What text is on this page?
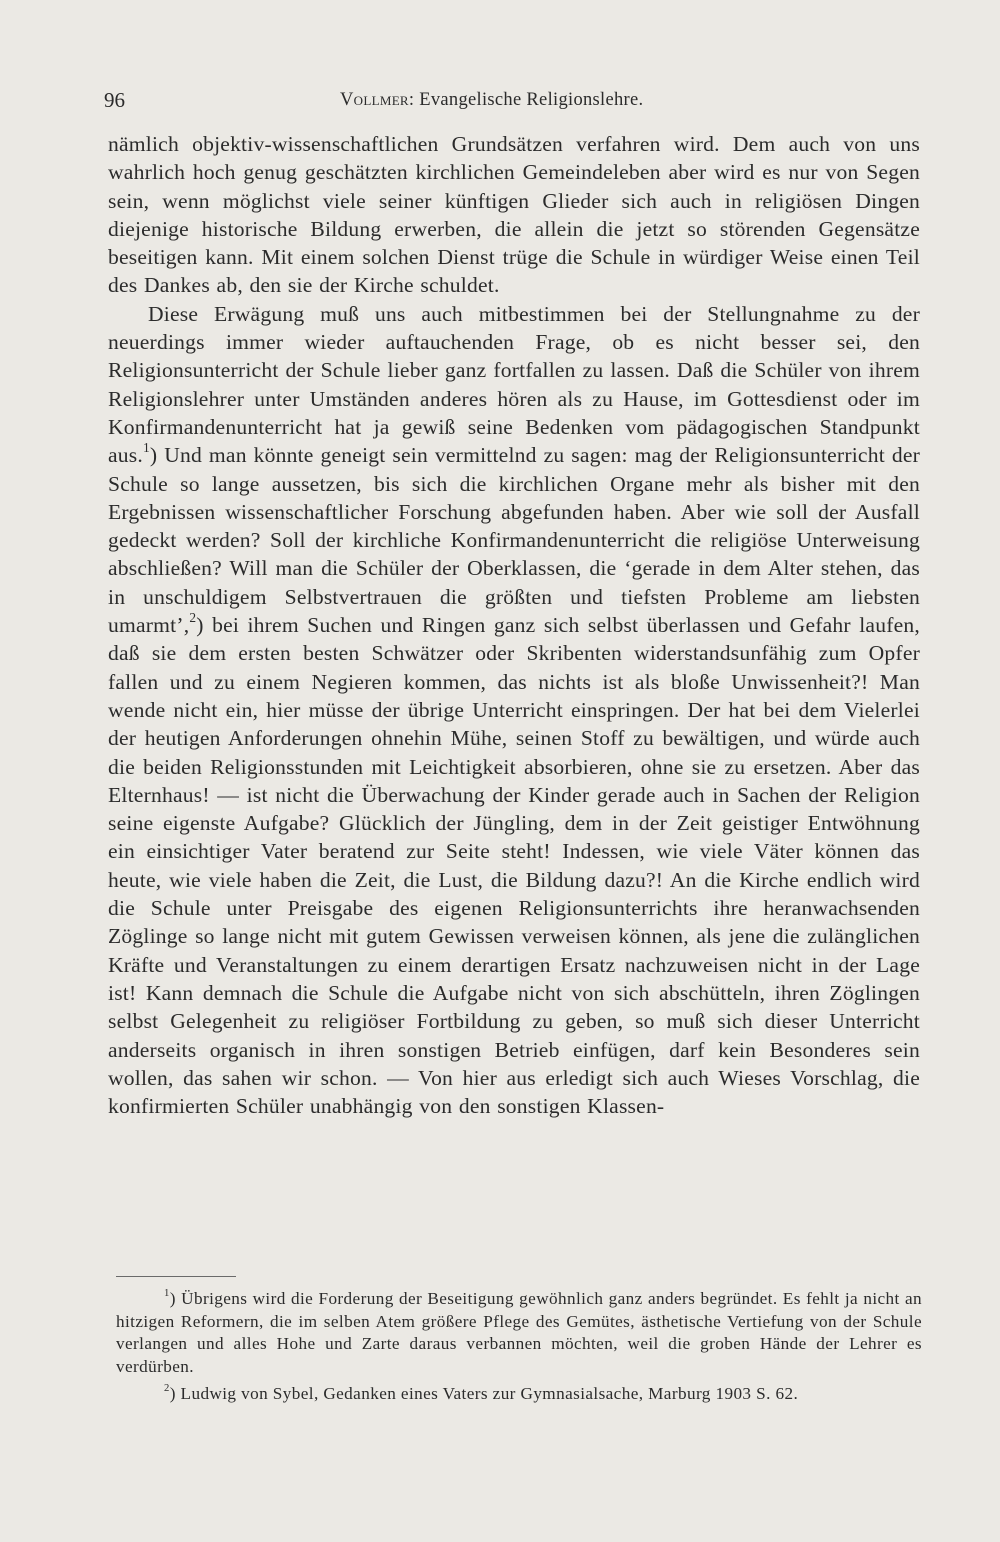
96	Vollmer: Evangelische Religionslehre.

nämlich objektiv-wissenschaftlichen Grundsätzen verfahren wird. Dem auch von uns wahrlich hoch genug geschätzten kirchlichen Gemeindeleben aber wird es nur von Segen sein, wenn möglichst viele seiner künftigen Glieder sich auch in religiösen Dingen diejenige historische Bildung erwerben, die allein die jetzt so störenden Gegensätze beseitigen kann. Mit einem solchen Dienst trüge die Schule in würdiger Weise einen Teil des Dankes ab, den sie der Kirche schuldet.

Diese Erwägung muß uns auch mitbestimmen bei der Stellungnahme zu der neuerdings immer wieder auftauchenden Frage, ob es nicht besser sei, den Religionsunterricht der Schule lieber ganz fortfallen zu lassen. Daß die Schüler von ihrem Religionslehrer unter Umständen anderes hören als zu Hause, im Gottesdienst oder im Konfirmandenunterricht hat ja gewiß seine Bedenken vom pädagogischen Standpunkt aus.$^1$) Und man könnte geneigt sein vermittelnd zu sagen: mag der Religionsunterricht der Schule so lange aussetzen, bis sich die kirchlichen Organe mehr als bisher mit den Ergebnissen wissenschaftlicher Forschung abgefunden haben. Aber wie soll der Ausfall gedeckt werden? Soll der kirchliche Konfirmandenunterricht die religiöse Unterweisung abschließen? Will man die Schüler der Oberklassen, die ‘gerade in dem Alter stehen, das in unschuldigem Selbstvertrauen die größten und tiefsten Probleme am liebsten umarmt’,$^2$) bei ihrem Suchen und Ringen ganz sich selbst überlassen und Gefahr laufen, daß sie dem ersten besten Schwätzer oder Skribenten widerstandsunfähig zum Opfer fallen und zu einem Negieren kommen, das nichts ist als bloße Unwissenheit?! Man wende nicht ein, hier müsse der übrige Unterricht einspringen. Der hat bei dem Vielerlei der heutigen Anforderungen ohnehin Mühe, seinen Stoff zu bewältigen, und würde auch die beiden Religionsstunden mit Leichtigkeit absorbieren, ohne sie zu ersetzen. Aber das Elternhaus! — ist nicht die Überwachung der Kinder gerade auch in Sachen der Religion seine eigenste Aufgabe? Glücklich der Jüngling, dem in der Zeit geistiger Entwöhnung ein einsichtiger Vater beratend zur Seite steht! Indessen, wie viele Väter können das heute, wie viele haben die Zeit, die Lust, die Bildung dazu?! An die Kirche endlich wird die Schule unter Preisgabe des eigenen Religionsunterrichts ihre heranwachsenden Zöglinge so lange nicht mit gutem Gewissen verweisen können, als jene die zulänglichen Kräfte und Veranstaltungen zu einem derartigen Ersatz nachzuweisen nicht in der Lage ist! Kann demnach die Schule die Aufgabe nicht von sich abschütteln, ihren Zöglingen selbst Gelegenheit zu religiöser Fortbildung zu geben, so muß sich dieser Unterricht anderseits organisch in ihren sonstigen Betrieb einfügen, darf kein Besonderes sein wollen, das sahen wir schon. — Von hier aus erledigt sich auch Wieses Vorschlag, die konfirmierten Schüler unabhängig von den sonstigen Klassen-

$^1$) Übrigens wird die Forderung der Beseitigung gewöhnlich ganz anders begründet. Es fehlt ja nicht an hitzigen Reformern, die im selben Atem größere Pflege des Gemütes, ästhetische Vertiefung von der Schule verlangen und alles Hohe und Zarte daraus verbannen möchten, weil die groben Hände der Lehrer es verdürben.

$^2$) Ludwig von Sybel, Gedanken eines Vaters zur Gymnasialsache, Marburg 1903 S. 62.
